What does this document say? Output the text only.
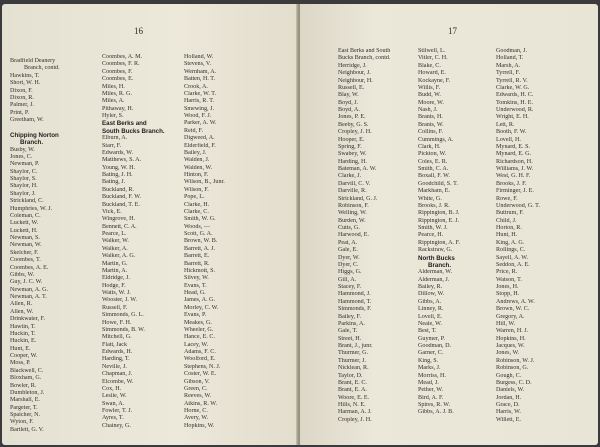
16
Bradfield Deanery
Branch, contd.
Hawkins, T.
Short, W. H.
Dixon, F.
Dixon, R.
Palmer, J.
Print, P.
Greetham, W.
Chipping Norton
Branch.
Busby, W.
Jones, C.
Newman, P.
Shaylor, C.
Shaylor, S.
Shaylor, H.
Shaylor, J.
Strickland, C.
Humphries, W. J.
Coleman, C.
Luckett, W.
Luckett, H.
Newman, S.
Newman, W.
Skelcher, F.
Coombes, T.
Coombes, A. E.
Gibbs, W.
Guy, J. C. W.
Newman, A. G.
Newman, A. T.
Allen, R.
Allen, W.
Drinkwater, F.
Hawtin, T.
Huckin, T.
Huckin, E.
Hunt, E.
Cooper, W.
Moss, P.
Blackwell, C.
Bloxham, G.
Bowler, R.
Dumbleton, J.
Marshall, E.
Pargeter, T.
Spaicher, N.
Wyton, F.
Bartlett, G. V.
Coombes, A. M.
Coombes, F. R.
Coombes, F.
Coombes, E.
Miles, H.
Miles, R. G.
Miles, A.
Pithaway, H.
Hyler, S.
East Berks and
South Bucks Branch.
Elburn, A.
Starr, F.
Edwards, W.
Matthews, S. A.
Young, W. H.
Bating, J. H.
Bating, J.
Buckland, R.
Buckland, F. W.
Buckland, T. E.
Vick, E.
Wingrove, H.
Bennett, C. A.
Pearce, L.
Walker, W.
Walker, A.
Walker, A. G.
Martin, G.
Martin, A.
Eldridge, J.
Hodge, F.
Watts, W. J.
Wooster, J. W.
Russell, F.
Simmonds, G. L.
Howe, F. H.
Simmonds, B. W.
Mitchell, G.
Flatt, Jack
Edwards, H.
Harding, T.
Neville, J.
Chapman, J.
Elcombe, W.
Cox, H.
Leslie, W.
Swan, A.
Fowler, T. J.
Ayres, T.
Chainey, G.
Holland, W.
Stevens, V.
Wernham, A.
Batten, H. T.
Crook, A.
Clarke, W. T.
Harris, R. T.
Smewing, J.
Wood, F. J.
Parker, A. W.
Reid, F.
Digweed, A.
Elderfield, F.
Bailey, J.
Walden, J.
Walden, W.
Hinton, F.
Wilson, B., Junr.
Wilson, F.
Pope, L.
Clarke, H.
Clarke, C.
Smith, W. G.
Woods, —
Scott, G. A.
Brown, W. B.
Barrett, A. J.
Barrett, E.
Barrett, R.
Hickmott, S.
Silvey, W.
Evans, T.
Head, G.
James, A. G.
Morley, C. W.
Evans, P.
Meakes, G.
Wheeler, G.
Hance, E. C.
Lacey, W.
Adams, F. C.
Woolford, E.
Stephens, N. J.
Coster, W. E.
Gibson, V.
Green, C.
Reeves, W.
Atkins, R. W.
Horne, C.
Avery, W.
Hopkins, W.
17
East Berks and South
Bucks Branch, contd.
Herridge, J.
Neighbour, J.
Neighbour, H.
Russell, E.
Blay, W.
Boyd, J.
Boyd, A.
Jones, P. E.
Beeby, G. S.
Cropley, J. H.
Hooper, E.
Spring, F.
Swabey, W.
Harding, H.
Bateman, A. W.
Clarke, J.
Darvill, C. V.
Darville, R.
Strickland, G. J.
Robinson, F.
Welling, W.
Burden, W.
Cutts, G.
Harwood, E.
Peat, A.
Gale, E.
Dyer, W.
Dyer, C.
Higgs, G.
Gill, A.
Stacey, F.
Hammond, J.
Hammond, T.
Simmonds, F.
Bailey, F.
Parkins, A.
Gale, T.
Street, H.
Brant, J., junr.
Thurmer, G.
Thurmer, J.
Nicklean, R.
Taylor, D.
Brant, E. C.
Brant, E. A.
Woore, E. E.
Hills, N. E.
Harman, A. J.
Cropley, J. H.
Stilwell, L.
Vitler, C. H.
Blake, C.
Howard, E.
Kockayne, F.
Willis, F.
Budd, W.
Moore, W.
Nash, J.
Brants, H.
Brants, W.
Collins, F.
Cummings, A.
Clark, H.
Pickton, W.
Coles, E. R.
Smith, C. A.
Boxall, F. W.
Goodchild, S. T.
Markham, E.
White, G.
Brooks, J. R.
Rippington, B. J.
Rippington, E. J.
Smith, W. J.
Pearce, H.
Rippington, A. F.
Rackstraw, G.
North Bucks
Branch.
Alderman, W.
Alderman, J.
Bailey, R.
Dillow, W.
Gibbs, A.
Linney, R.
Lovell, E.
Neale, W.
Best, T.
Guymer, P.
Goodman, D.
Garner, C.
King, S.
Marks, J.
Morriss, H.
Mead, J.
Pether, W.
Bird, A. F.
Spires, R. W.
Gibbs, A. J. B.
Goodman, J.
Holland, T.
Marsh, A.
Tyrrell, F.
Tyrrell, R. V.
Clarke, W. G.
Edwards, H. C.
Tomkins, H. E.
Underwood, R.
Wright, E. H.
Lett, R.
Booth, F. W.
Lovell, H.
Mynard, E. S.
Mynard, E. G.
Richardson, H.
Williams, J. W.
West, G. H. F.
Brooks, J. F.
Firminger, J. E.
Rowe, F.
Underwood, G. T.
Buttrum, F.
Child, J.
Horton, R.
Hunt, H.
King, A. G.
Rollings, C.
Sayell, A. W.
Seddon, A. E.
Price, R.
Watson, T.
Jones, H.
Stopp, H.
Andrews, A. W.
Brown, W. C.
Gregory, A.
Hill, W.
Warren, H. J.
Hopkins, H.
Jacques, W.
Jones, W.
Robinson, W. J.
Robinson, G.
Gough, C.
Burgess, C. D.
Daniels, W.
Jordan, H.
Grace, D.
Harris, W.
Willett, E.
